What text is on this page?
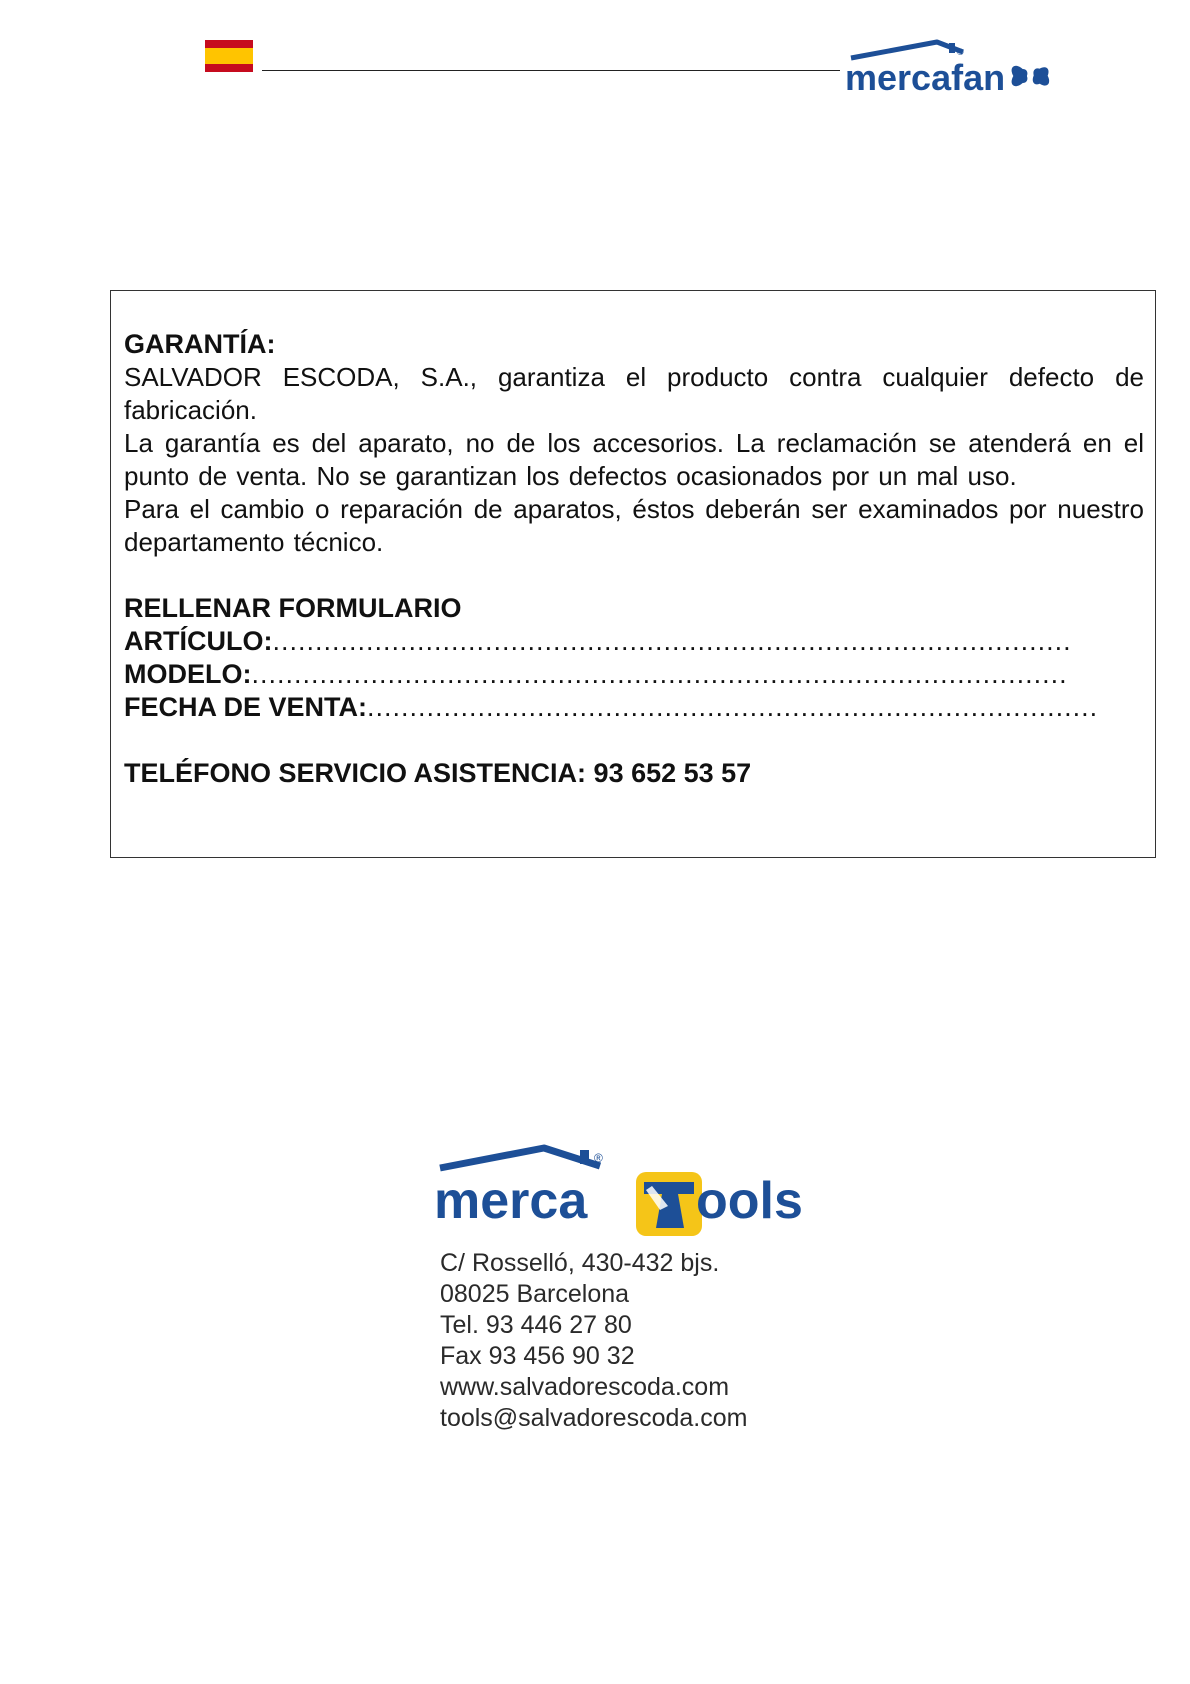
®
mercafan

GARANTÍA:

SALVADOR ESCODA, S.A., garantiza el producto contra cualquier defecto de fabricación.

La garantía es del aparato, no de los accesorios. La reclamación se atenderá en el punto de venta. No se garantizan los defectos ocasionados por un mal uso.

Para el cambio o reparación de aparatos, éstos deberán ser examinados por nuestro departamento técnico.

RELLENAR FORMULARIO

ARTÍCULO:..............................................................................................

MODELO:................................................................................................

FECHA DE VENTA:......................................................................................

TELÉFONO SERVICIO ASISTENCIA: 93 652 53 57

®
merca ools
C/ Rosselló, 430-432 bjs.
08025 Barcelona
Tel. 93 446 27 80
Fax 93 456 90 32
www.salvadorescoda.com
tools@salvadorescoda.com
